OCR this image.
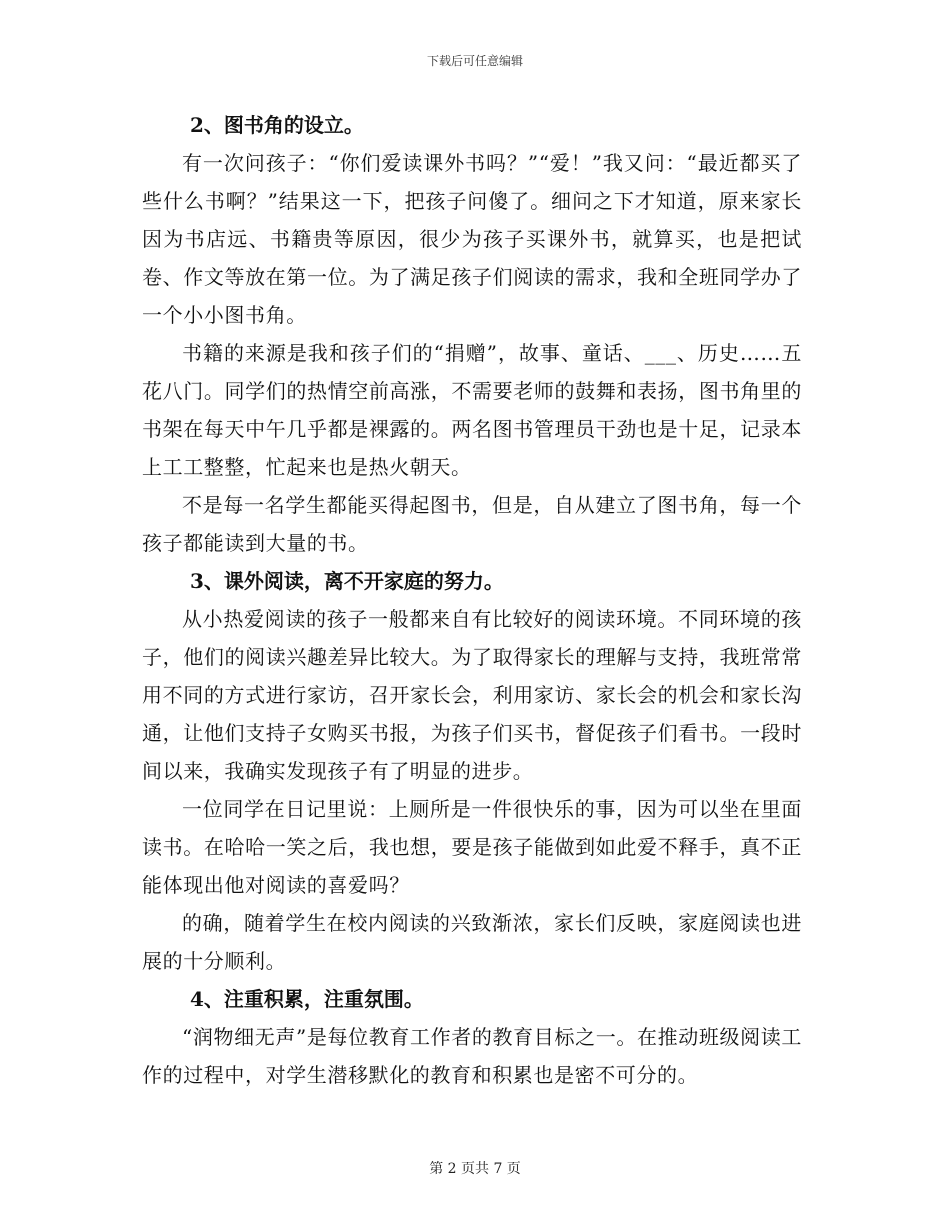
下载后可任意编辑

2、图书角的设立。

有一次问孩子：“你们爱读课外书吗？”“爱！”我又问：“最近都买了些什么书啊？”结果这一下，把孩子问傻了。细问之下才知道，原来家长因为书店远、书籍贵等原因，很少为孩子买课外书，就算买，也是把试卷、作文等放在第一位。为了满足孩子们阅读的需求，我和全班同学办了一个小小图书角。

书籍的来源是我和孩子们的“捐赠”，故事、童话、___、历史……五花八门。同学们的热情空前高涨，不需要老师的鼓舞和表扬，图书角里的书架在每天中午几乎都是裸露的。两名图书管理员干劲也是十足，记录本上工工整整，忙起来也是热火朝天。

不是每一名学生都能买得起图书，但是，自从建立了图书角，每一个孩子都能读到大量的书。

3、课外阅读，离不开家庭的努力。

从小热爱阅读的孩子一般都来自有比较好的阅读环境。不同环境的孩子，他们的阅读兴趣差异比较大。为了取得家长的理解与支持，我班常常用不同的方式进行家访，召开家长会，利用家访、家长会的机会和家长沟通，让他们支持子女购买书报，为孩子们买书，督促孩子们看书。一段时间以来，我确实发现孩子有了明显的进步。

一位同学在日记里说：上厕所是一件很快乐的事，因为可以坐在里面读书。在哈哈一笑之后，我也想，要是孩子能做到如此爱不释手，真不正能体现出他对阅读的喜爱吗？

的确，随着学生在校内阅读的兴致渐浓，家长们反映，家庭阅读也进展的十分顺利。

4、注重积累，注重氛围。

“润物细无声”是每位教育工作者的教育目标之一。在推动班级阅读工作的过程中，对学生潜移默化的教育和积累也是密不可分的。

第 2 页共 7 页
